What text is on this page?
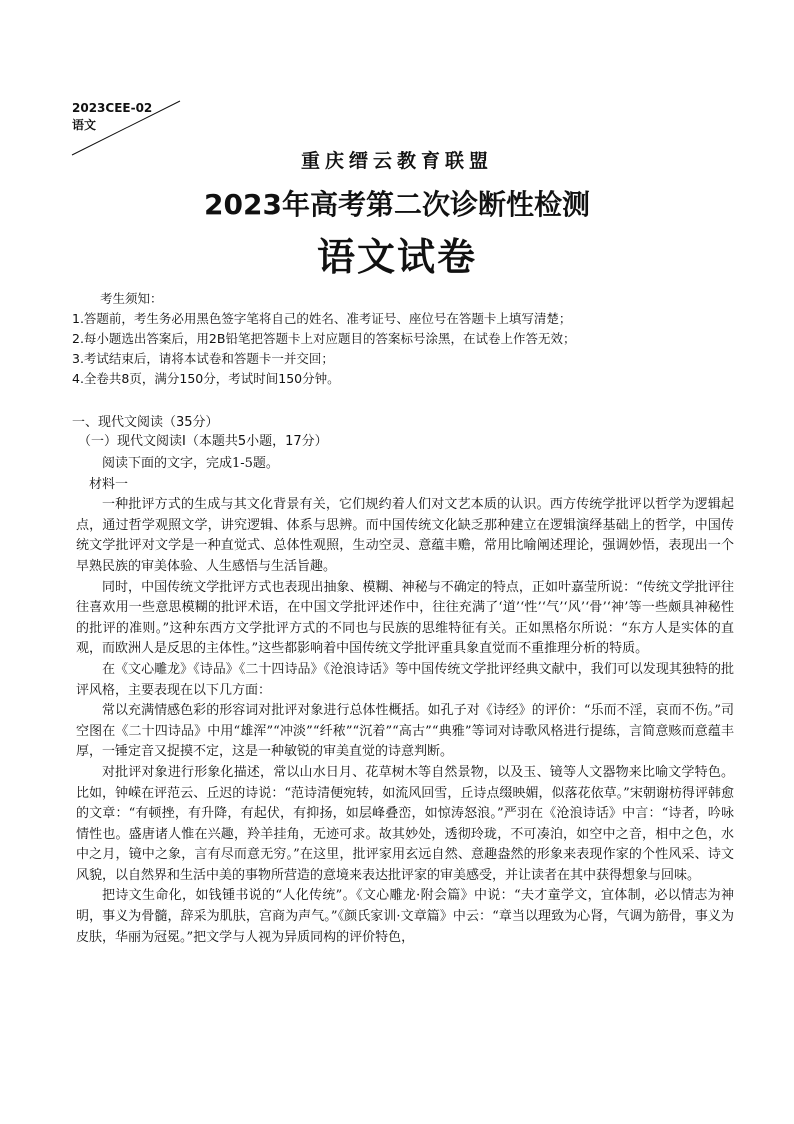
2023CEE-02
语文
重庆缙云教育联盟
2023年高考第二次诊断性检测
语文试卷
考生须知：
1.答题前，考生务必用黑色签字笔将自己的姓名、准考证号、座位号在答题卡上填写清楚；
2.每小题选出答案后，用2B铅笔把答题卡上对应题目的答案标号涂黑，在试卷上作答无效；
3.考试结束后，请将本试卷和答题卡一并交回；
4.全卷共8页，满分150分，考试时间150分钟。
一、现代文阅读（35分）
（一）现代文阅读Ⅰ（本题共5小题，17分）

阅读下面的文字，完成1-5题。

材料一

一种批评方式的生成与其文化背景有关，它们规约着人们对文艺本质的认识。西方传统学批评以哲学为逻辑起点，通过哲学观照文学，讲究逻辑、体系与思辨。而中国传统文化缺乏那种建立在逻辑演绎基础上的哲学，中国传统文学批评对文学是一种直觉式、总体性观照，生动空灵、意蕴丰赡，常用比喻阐述理论，强调妙悟，表现出一个早熟民族的审美体验、人生感悟与生活旨趣。

同时，中国传统文学批评方式也表现出抽象、模糊、神秘与不确定的特点，正如叶嘉莹所说：“传统文学批评往往喜欢用一些意思模糊的批评术语，在中国文学批评述作中，往往充满了‘道’‘性’‘气’‘风’‘骨’‘神’等一些颇具神秘性的批评的准则。”这种东西方文学批评方式的不同也与民族的思维特征有关。正如黑格尔所说：“东方人是实体的直观，而欧洲人是反思的主体性。”这些都影响着中国传统文学批评重具象直觉而不重推理分析的特质。

在《文心雕龙》《诗品》《二十四诗品》《沧浪诗话》等中国传统文学批评经典文献中，我们可以发现其独特的批评风格，主要表现在以下几方面：

常以充满情感色彩的形容词对批评对象进行总体性概括。如孔子对《诗经》的评价：“乐而不淫，哀而不伤。”司空图在《二十四诗品》中用“雄浑”“冲淡”“纤秾”“沉着”“高古”“典雅”等词对诗歌风格进行提练，言简意赅而意蕴丰厚，一锤定音又捉摸不定，这是一种敏锐的审美直觉的诗意判断。

对批评对象进行形象化描述，常以山水日月、花草树木等自然景物，以及玉、镜等人文器物来比喻文学特色。比如，钟嵘在评范云、丘迟的诗说：“范诗清便宛转，如流风回雪，丘诗点缀映媚，似落花依草。”宋朝谢枋得评韩愈的文章：“有顿挫，有升降，有起伏，有抑扬，如层峰叠峦，如惊涛怒浪。”严羽在《沧浪诗话》中言：“诗者，吟咏情性也。盛唐诸人惟在兴趣，羚羊挂角，无迹可求。故其妙处，透彻玲珑，不可凑泊，如空中之音，相中之色，水中之月，镜中之象，言有尽而意无穷。”在这里，批评家用玄远自然、意趣盎然的形象来表现作家的个性风采、诗文风貌，以自然界和生活中美的事物所营造的意境来表达批评家的审美感受，并让读者在其中获得想象与回味。

把诗文生命化，如钱锺书说的“人化传统”。《文心雕龙·附会篇》中说：“夫才童学文，宜体制，必以情志为神明，事义为骨髓，辞采为肌肤，宫商为声气。”《颜氏家训·文章篇》中云：“章当以理致为心肾，气调为筋骨，事义为皮肤，华丽为冠冕。”把文学与人视为异质同构的评价特色，
